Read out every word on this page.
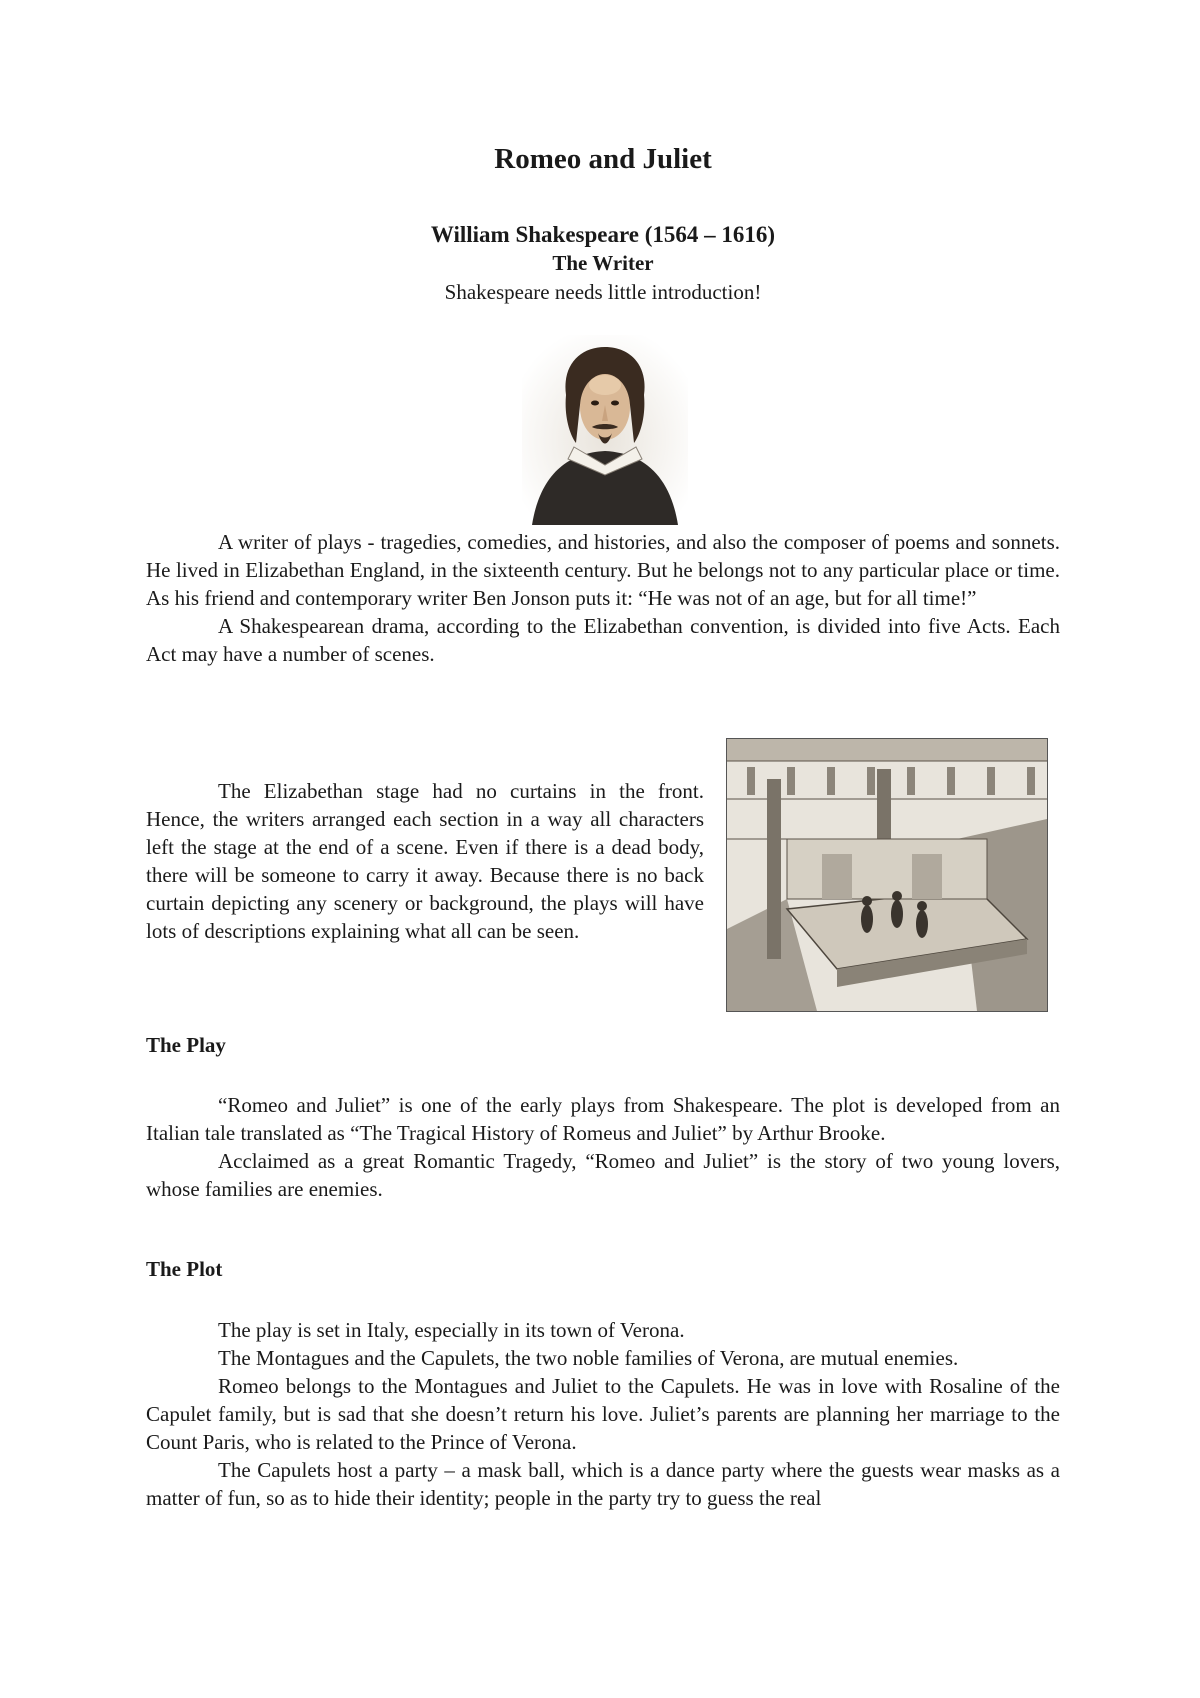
Romeo and Juliet
William Shakespeare (1564 – 1616)
The Writer
Shakespeare needs little introduction!

A writer of plays - tragedies, comedies, and histories, and also the composer of poems and sonnets. He lived in Elizabethan England, in the sixteenth century. But he belongs not to any particular place or time. As his friend and contemporary writer Ben Jonson puts it: “He was not of an age, but for all time!”

A Shakespearean drama, according to the Elizabethan convention, is divided into five Acts. Each Act may have a number of scenes.

The Elizabethan stage had no curtains in the front. Hence, the writers arranged each section in a way all characters left the stage at the end of a scene. Even if there is a dead body, there will be someone to carry it away. Because there is no back curtain depicting any scenery or background, the plays will have lots of descriptions explaining what all can be seen.

The Play

“Romeo and Juliet” is one of the early plays from Shakespeare. The plot is developed from an Italian tale translated as “The Tragical History of Romeus and Juliet” by Arthur Brooke.

Acclaimed as a great Romantic Tragedy, “Romeo and Juliet” is the story of two young lovers, whose families are enemies.

The Plot

The play is set in Italy, especially in its town of Verona.

The Montagues and the Capulets, the two noble families of Verona, are mutual enemies.

Romeo belongs to the Montagues and Juliet to the Capulets. He was in love with Rosaline of the Capulet family, but is sad that she doesn’t return his love. Juliet’s parents are planning her marriage to the Count Paris, who is related to the Prince of Verona.

The Capulets host a party – a mask ball, which is a dance party where the guests wear masks as a matter of fun, so as to hide their identity; people in the party try to guess the real
